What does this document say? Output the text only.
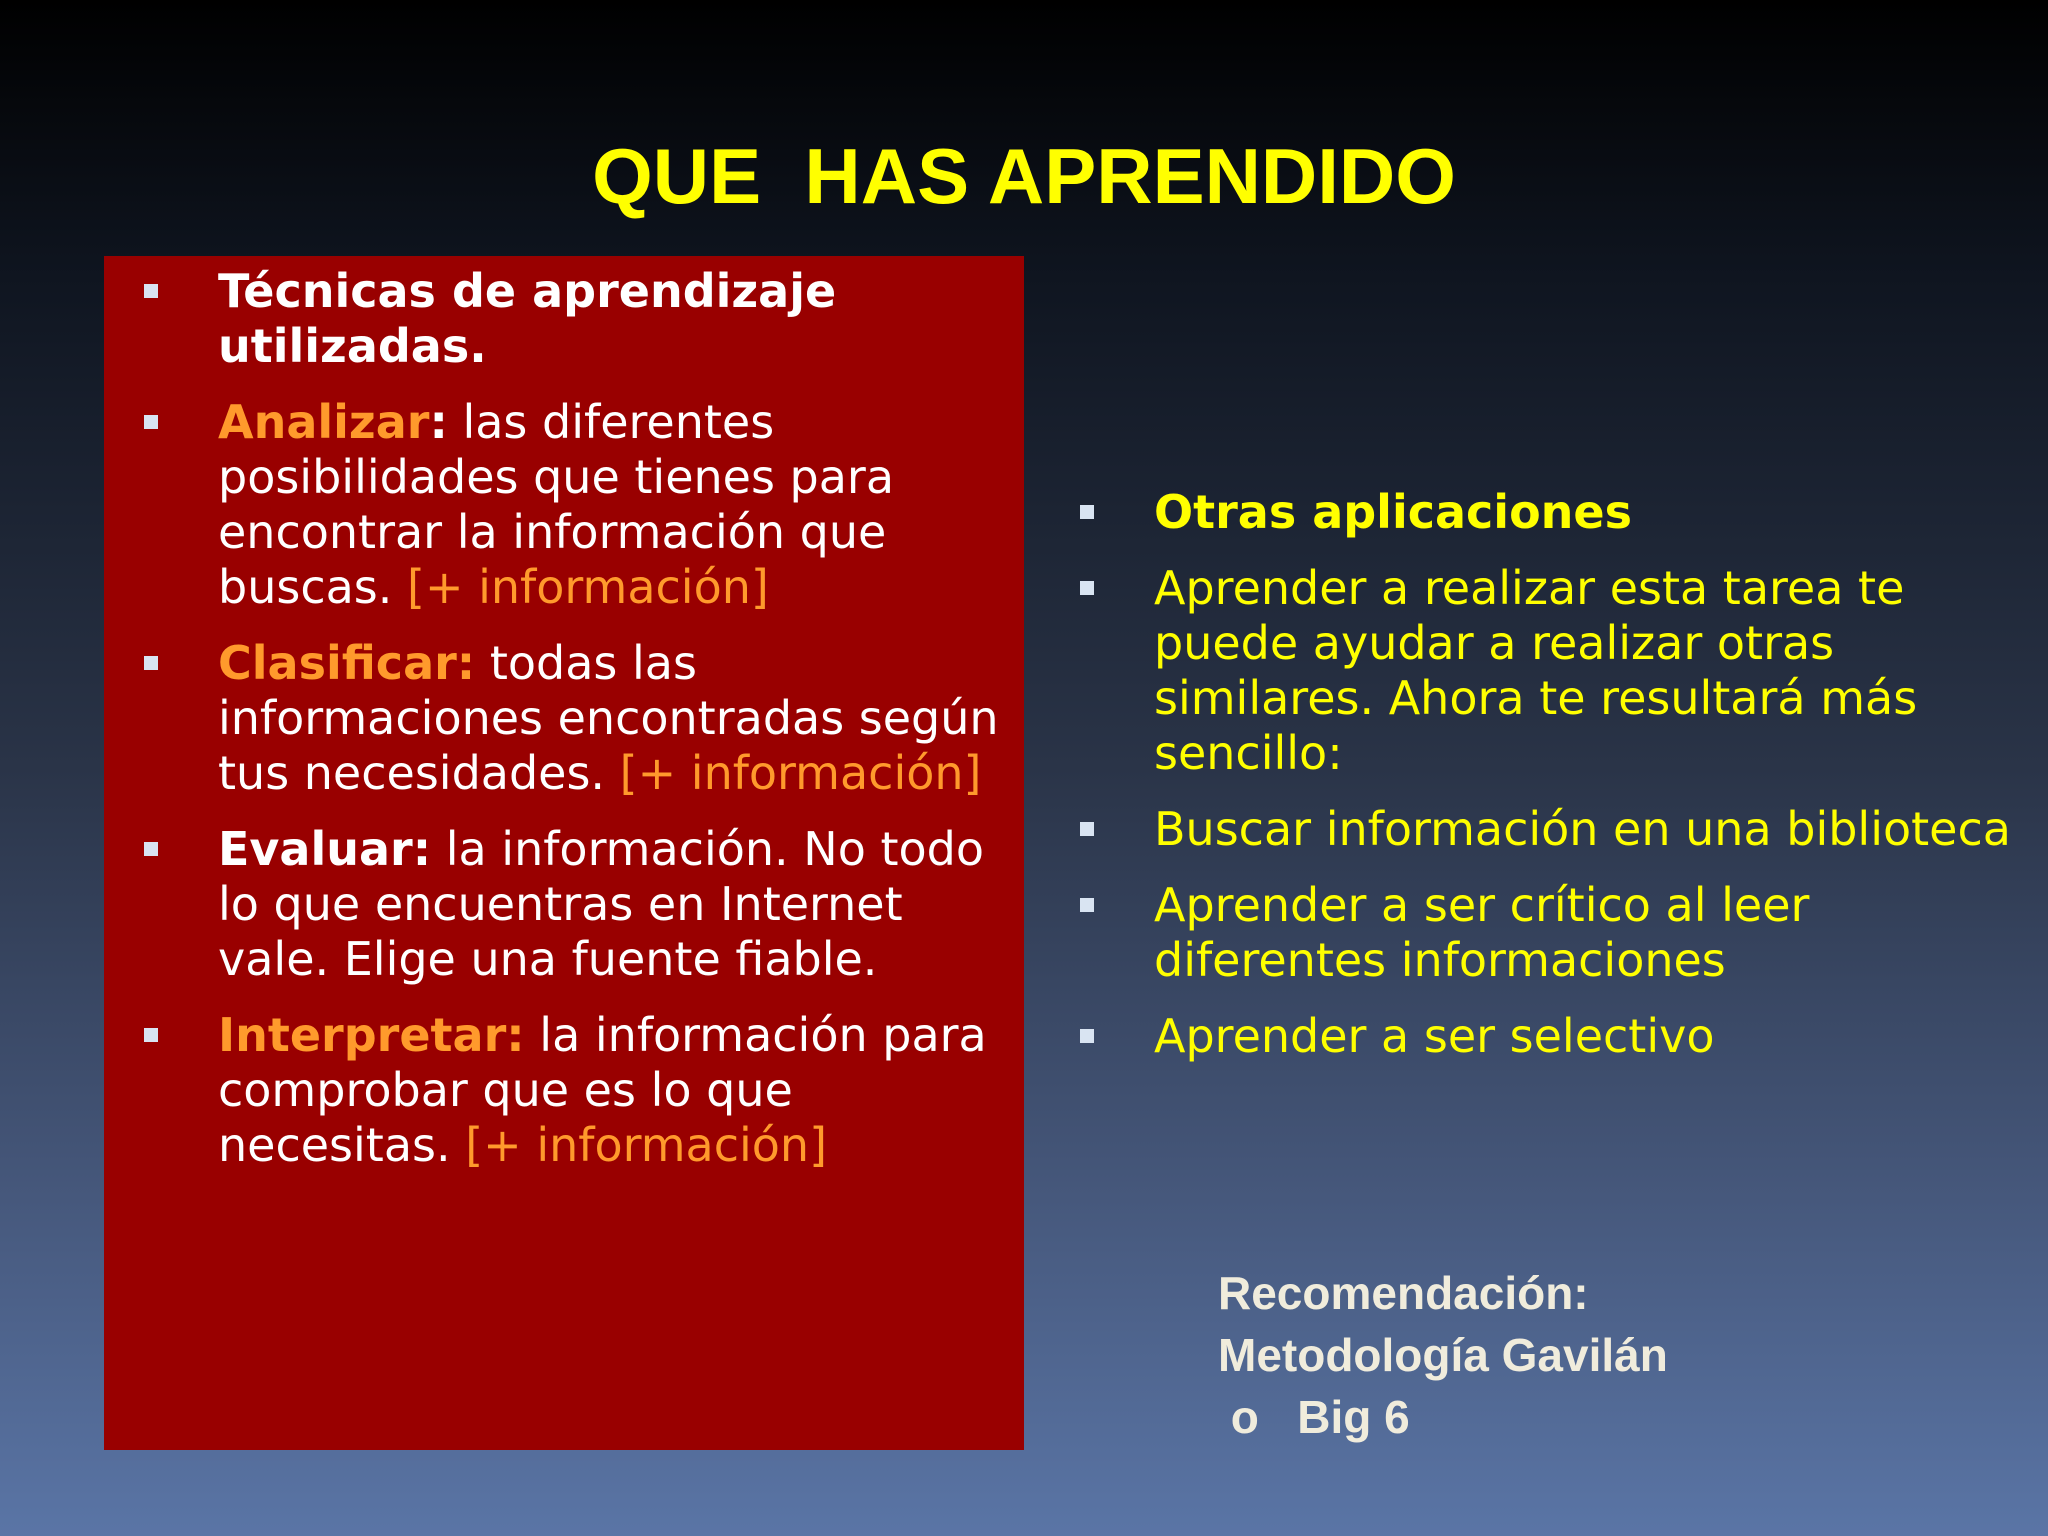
QUE  HAS APRENDIDO
Técnicas de aprendizaje utilizadas.
Analizar: las diferentes posibilidades que tienes para encontrar la información que buscas. [+ información]
Clasificar: todas las informaciones encontradas según tus necesidades. [+ información]
Evaluar: la información. No todo lo que encuentras en Internet vale. Elige una fuente fiable.
Interpretar: la información para comprobar que es lo que necesitas. [+ información]
Otras aplicaciones
Aprender a realizar esta tarea te puede ayudar a realizar otras similares. Ahora te resultará más sencillo:
Buscar información en una biblioteca
Aprender a ser crítico al leer diferentes informaciones
Aprender a ser selectivo
Recomendación:
Metodología Gavilán
o   Big 6
